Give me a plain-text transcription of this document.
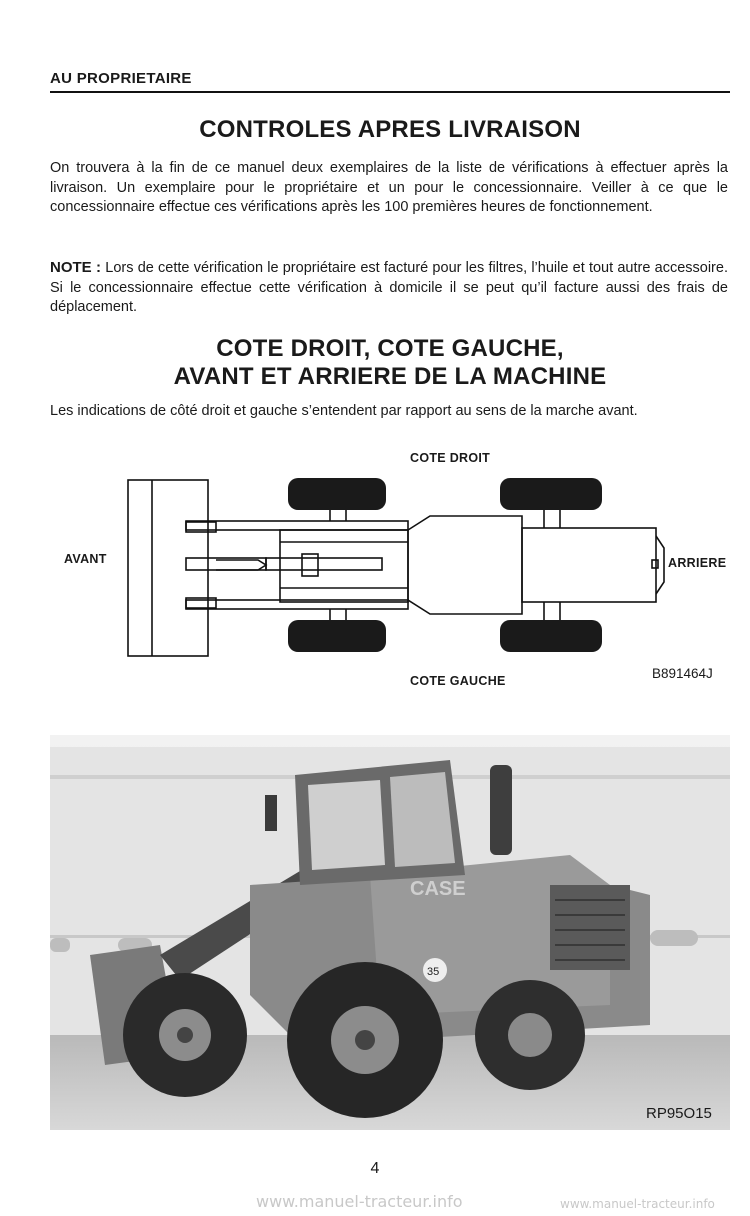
AU PROPRIETAIRE
CONTROLES APRES LIVRAISON
On trouvera à la fin de ce manuel deux exemplaires de la liste de vérifications à effectuer après la livraison. Un exemplaire pour le propriétaire et un pour le concessionnaire. Veiller à ce que le concessionnaire effectue ces vérifications après les 100 premières heures de fonctionnement.
NOTE : Lors de cette vérification le propriétaire est facturé pour les filtres, l’huile et tout autre accessoire. Si le concessionnaire effectue cette vérification à domicile il se peut qu’il facture aussi des frais de déplacement.
COTE DROIT, COTE GAUCHE,
AVANT ET ARRIERE DE LA MACHINE
Les indications de côté droit et gauche s’entendent par rapport au sens de la marche avant.
COTE DROIT
COTE GAUCHE
AVANT	ARRIERE
B891464J
CASE
35
RP95O15
4
www.manuel-tracteur.info	www.manuel-tracteur.info
